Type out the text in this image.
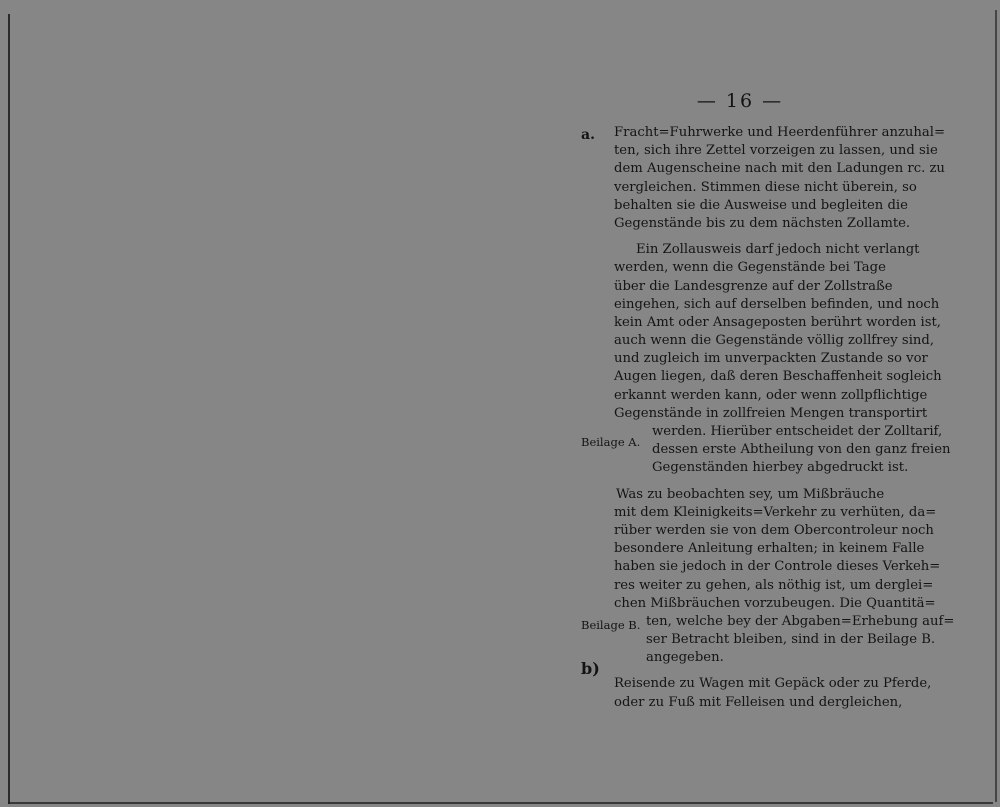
— 16 —
a.
b)
Beilage A.
Beilage B.
Fracht=Fuhrwerke und Heerdenführer anzuhal=
ten, sich ihre Zettel vorzeigen zu lassen, und sie
dem Augenscheine nach mit den Ladungen rc. zu
vergleichen. Stimmen diese nicht überein, so
behalten sie die Ausweise und begleiten die
Gegenstände bis zu dem nächsten Zollamte.
Ein Zollausweis darf jedoch nicht verlangt
werden, wenn die Gegenstände bei Tage
über die Landesgrenze auf der Zollstraße
eingehen, sich auf derselben befinden, und noch
kein Amt oder Ansageposten berührt worden ist,
auch wenn die Gegenstände völlig zollfrey sind,
und zugleich im unverpackten Zustande so vor
Augen liegen, daß deren Beschaffenheit sogleich
erkannt werden kann, oder wenn zollpflichtige
Gegenstände in zollfreien Mengen transportirt
werden. Hierüber entscheidet der Zolltarif,
dessen erste Abtheilung von den ganz freien
Gegenständen hierbey abgedruckt ist.
Was zu beobachten sey, um Mißbräuche
mit dem Kleinigkeits=Verkehr zu verhüten, da=
rüber werden sie von dem Obercontroleur noch
besondere Anleitung erhalten; in keinem Falle
haben sie jedoch in der Controle dieses Verkeh=
res weiter zu gehen, als nöthig ist, um derglei=
chen Mißbräuchen vorzubeugen. Die Quantitä=
ten, welche bey der Abgaben=Erhebung auf=
ser Betracht bleiben, sind in der Beilage B.
angegeben.
Reisende zu Wagen mit Gepäck oder zu Pferde,
oder zu Fuß mit Felleisen und dergleichen,
